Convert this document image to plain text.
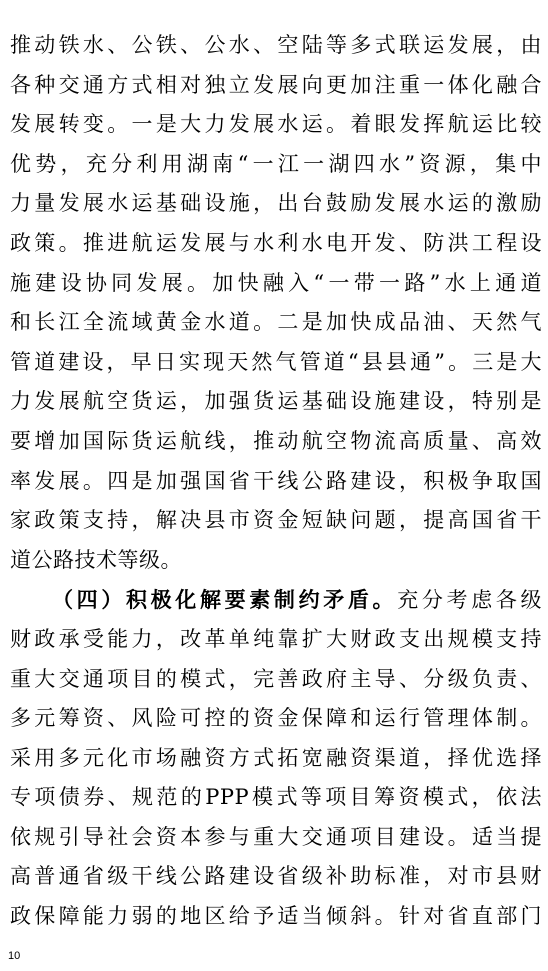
推动铁水、公铁、公水、空陆等多式联运发展，由
各种交通方式相对独立发展向更加注重一体化融合
发展转变。一是大力发展水运。着眼发挥航运比较
优势，充分利用湖南“一江一湖四水”资源，集中
力量发展水运基础设施，出台鼓励发展水运的激励
政策。推进航运发展与水利水电开发、防洪工程设
施建设协同发展。加快融入“一带一路”水上通道
和长江全流域黄金水道。二是加快成品油、天然气
管道建设，早日实现天然气管道“县县通”。三是大
力发展航空货运，加强货运基础设施建设，特别是
要增加国际货运航线，推动航空物流高质量、高效
率发展。四是加强国省干线公路建设，积极争取国
家政策支持，解决县市资金短缺问题，提高国省干
道公路技术等级。
（四）积极化解要素制约矛盾。充分考虑各级
财政承受能力，改革单纯靠扩大财政支出规模支持
重大交通项目的模式，完善政府主导、分级负责、
多元筹资、风险可控的资金保障和运行管理体制。
采用多元化市场融资方式拓宽融资渠道，择优选择
专项债券、规范的PPP模式等项目筹资模式，依法
依规引导社会资本参与重大交通项目建设。适当提
高普通省级干线公路建设省级补助标准，对市县财
政保障能力弱的地区给予适当倾斜。针对省直部门
10
